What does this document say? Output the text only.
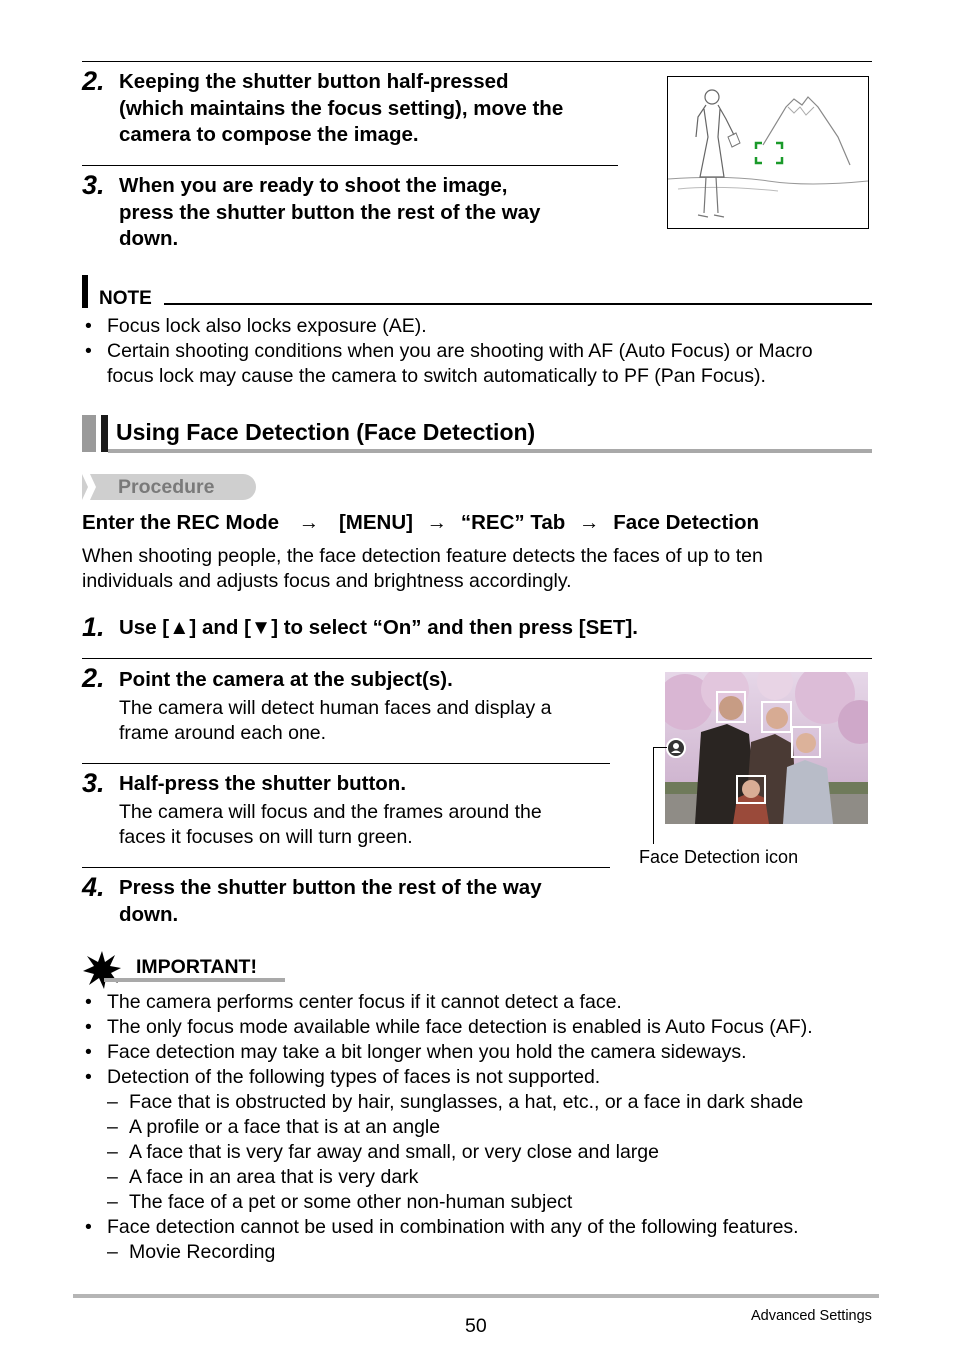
2. Keeping the shutter button half-pressed
(which maintains the focus setting), move the
camera to compose the image.
3. When you are ready to shoot the image,
press the shutter button the rest of the way
down.
NOTE
• Focus lock also locks exposure (AE).
• Certain shooting conditions when you are shooting with AF (Auto Focus) or Macro
focus lock may cause the camera to switch automatically to PF (Pan Focus).
Using Face Detection (Face Detection)
Procedure
Enter the REC Mode → [MENU] → “REC” Tab → Face Detection
When shooting people, the face detection feature detects the faces of up to ten
individuals and adjusts focus and brightness accordingly.
1. Use [▲] and [▼] to select “On” and then press [SET].
2. Point the camera at the subject(s).
The camera will detect human faces and display a
frame around each one.
3. Half-press the shutter button.
The camera will focus and the frames around the
faces it focuses on will turn green.
4. Press the shutter button the rest of the way
down.
Face Detection icon
IMPORTANT!
• The camera performs center focus if it cannot detect a face.
• The only focus mode available while face detection is enabled is Auto Focus (AF).
• Face detection may take a bit longer when you hold the camera sideways.
• Detection of the following types of faces is not supported.
– Face that is obstructed by hair, sunglasses, a hat, etc., or a face in dark shade
– A profile or a face that is at an angle
– A face that is very far away and small, or very close and large
– A face in an area that is very dark
– The face of a pet or some other non-human subject
• Face detection cannot be used in combination with any of the following features.
– Movie Recording
50	Advanced Settings
